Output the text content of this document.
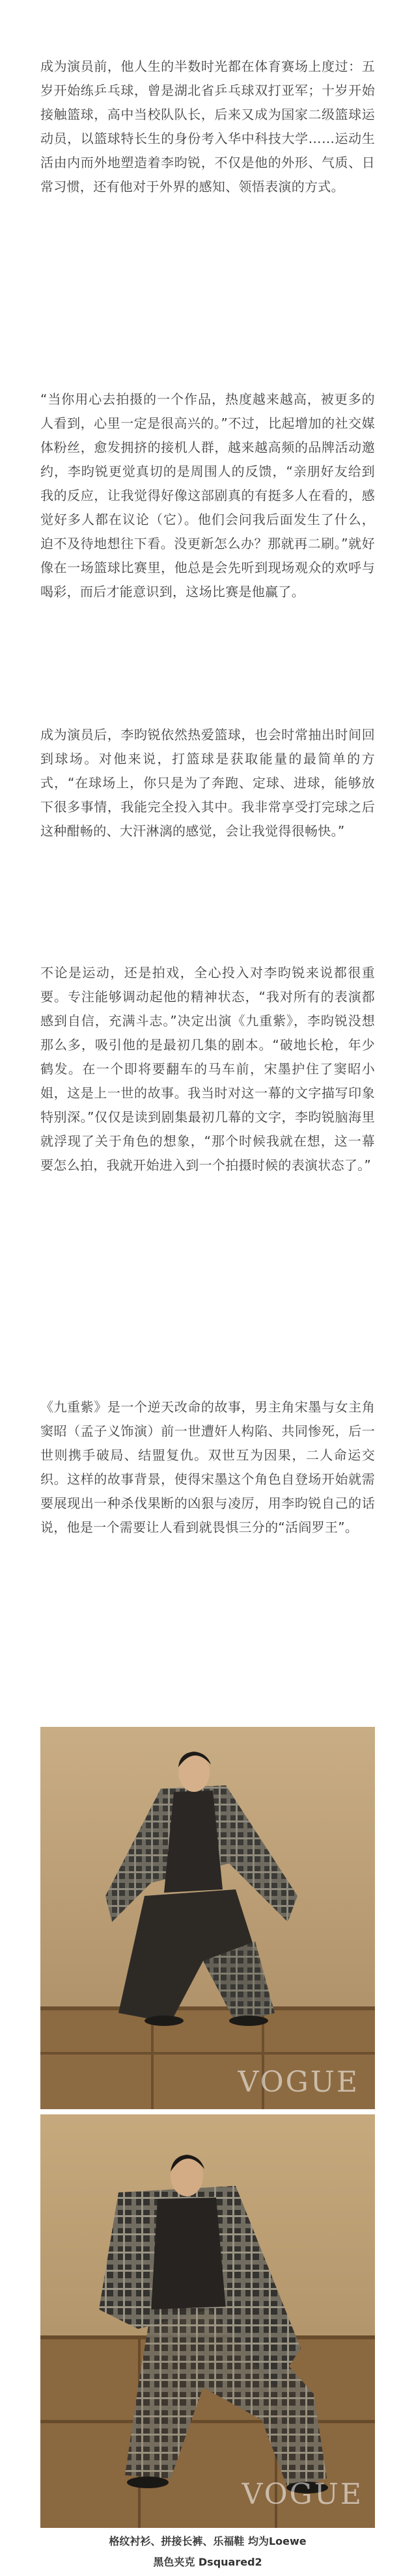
成为演员前，他人生的半数时光都在体育赛场上度过：五岁开始练乒乓球，曾是湖北省乒乓球双打亚军；十岁开始接触篮球，高中当校队队长，后来又成为国家二级篮球运动员，以篮球特长生的身份考入华中科技大学……运动生活由内而外地塑造着李昀锐，不仅是他的外形、气质、日常习惯，还有他对于外界的感知、领悟表演的方式。

“当你用心去拍摄的一个作品，热度越来越高，被更多的人看到，心里一定是很高兴的。”不过，比起增加的社交媒体粉丝，愈发拥挤的接机人群，越来越高频的品牌活动邀约，李昀锐更觉真切的是周围人的反馈，“亲朋好友给到我的反应，让我觉得好像这部剧真的有挺多人在看的，感觉好多人都在议论（它）。他们会问我后面发生了什么，迫不及待地想往下看。没更新怎么办？那就再二刷。”就好像在一场篮球比赛里，他总是会先听到现场观众的欢呼与喝彩，而后才能意识到，这场比赛是他赢了。

成为演员后，李昀锐依然热爱篮球，也会时常抽出时间回到球场。对他来说，打篮球是获取能量的最简单的方式，“在球场上，你只是为了奔跑、定球、进球，能够放下很多事情，我能完全投入其中。我非常享受打完球之后这种酣畅的、大汗淋漓的感觉，会让我觉得很畅快。”

不论是运动，还是拍戏，全心投入对李昀锐来说都很重要。专注能够调动起他的精神状态，“我对所有的表演都感到自信，充满斗志。”决定出演《九重紫》，李昀锐没想那么多，吸引他的是最初几集的剧本。“破地长枪，年少鹤发。在一个即将要翻车的马车前，宋墨护住了窦昭小姐，这是上一世的故事。我当时对这一幕的文字描写印象特别深。”仅仅是读到剧集最初几幕的文字，李昀锐脑海里就浮现了关于角色的想象，“那个时候我就在想，这一幕要怎么拍，我就开始进入到一个拍摄时候的表演状态了。”

《九重紫》是一个逆天改命的故事，男主角宋墨与女主角窦昭（孟子义饰演）前一世遭奸人构陷、共同惨死，后一世则携手破局、结盟复仇。双世互为因果，二人命运交织。这样的故事背景，使得宋墨这个角色自登场开始就需要展现出一种杀伐果断的凶狠与凌厉，用李昀锐自己的话说，他是一个需要让人看到就畏惧三分的“活阎罗王”。

VOGUE
VOGUE

格纹衬衫、拼接长裤、乐福鞋 均为Loewe

黑色夹克 Dsquared2
